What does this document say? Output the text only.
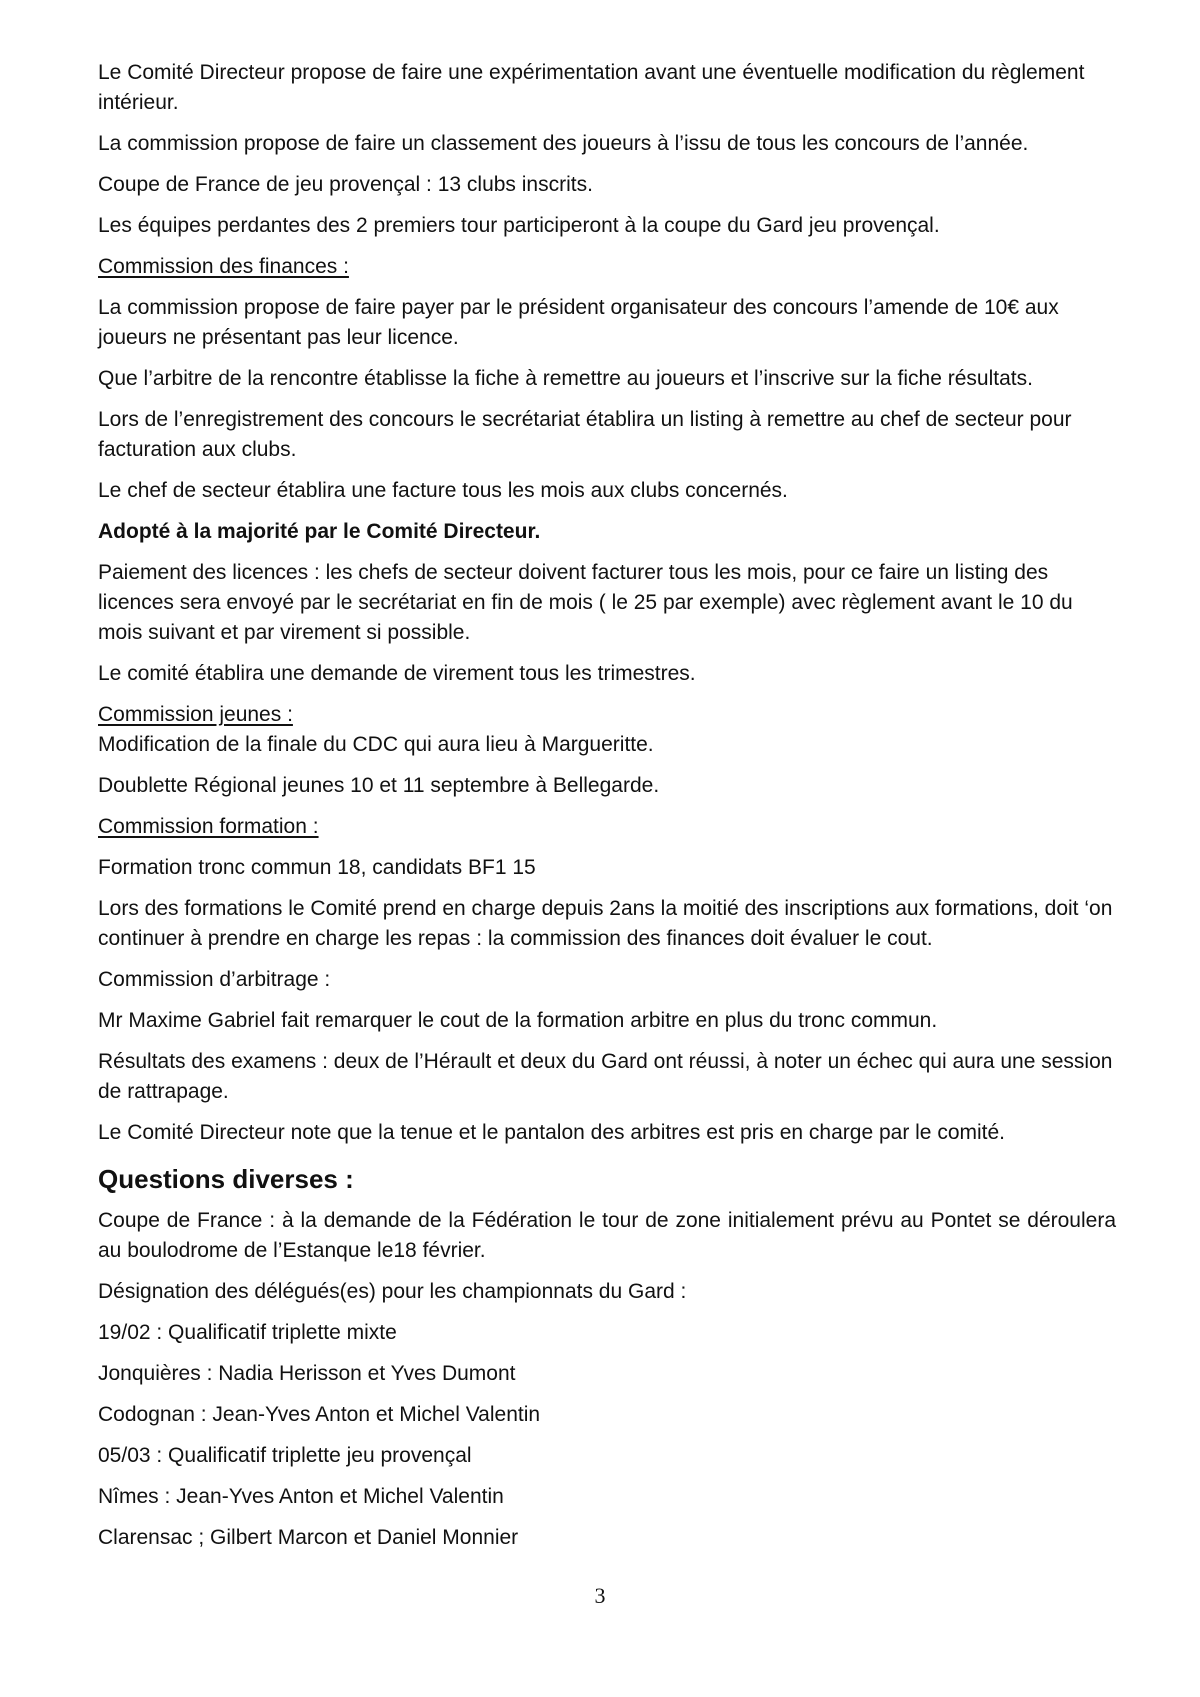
Le Comité Directeur propose de faire une expérimentation avant une éventuelle modification du règlement intérieur.

La commission propose de faire un classement des joueurs à l’issu de tous les concours de l’année.

Coupe de France de jeu provençal : 13 clubs inscrits.

Les équipes perdantes des 2 premiers tour participeront à la coupe du Gard jeu provençal.

Commission des finances :

La commission propose de faire payer par le président organisateur des concours l’amende de 10€ aux joueurs ne présentant pas leur licence.

Que l’arbitre de la rencontre établisse la fiche à remettre au joueurs et l’inscrive sur la fiche résultats.

Lors de l’enregistrement des concours le secrétariat établira un listing à remettre au chef de secteur pour facturation aux clubs.

Le chef de secteur établira une facture tous les mois aux clubs concernés.

Adopté à la majorité par le Comité Directeur.

Paiement des licences : les chefs de secteur doivent facturer tous les mois, pour ce faire un listing des licences sera envoyé par le secrétariat en fin de mois ( le 25 par exemple) avec règlement avant le 10 du mois suivant et par virement si possible.

Le comité établira une demande de virement tous les trimestres.

Commission jeunes :

Modification de la finale du CDC qui aura lieu à Margueritte.

Doublette Régional jeunes 10 et 11 septembre à Bellegarde.

Commission formation :

Formation tronc commun 18, candidats BF1 15

Lors des formations le Comité prend en charge depuis 2ans la moitié des inscriptions aux formations, doit ‘on continuer à prendre en charge les repas : la commission des finances doit évaluer le cout.

Commission d’arbitrage :

Mr Maxime Gabriel fait remarquer le cout de la formation arbitre en plus du tronc commun.

Résultats des examens : deux de l’Hérault et deux du Gard ont réussi, à noter un échec qui aura une session de rattrapage.

Le Comité Directeur note que la tenue et le pantalon des arbitres est pris en charge par le comité.

Questions diverses :

Coupe de France : à la demande de la Fédération le tour de zone initialement prévu au Pontet se déroulera au boulodrome de l’Estanque le18 février.

Désignation des délégués(es) pour les championnats du Gard :

19/02 : Qualificatif triplette mixte

Jonquières : Nadia Herisson et Yves Dumont

Codognan : Jean-Yves Anton et Michel Valentin

05/03 : Qualificatif triplette jeu provençal

Nîmes : Jean-Yves Anton et Michel Valentin

Clarensac ; Gilbert Marcon et Daniel Monnier

3
